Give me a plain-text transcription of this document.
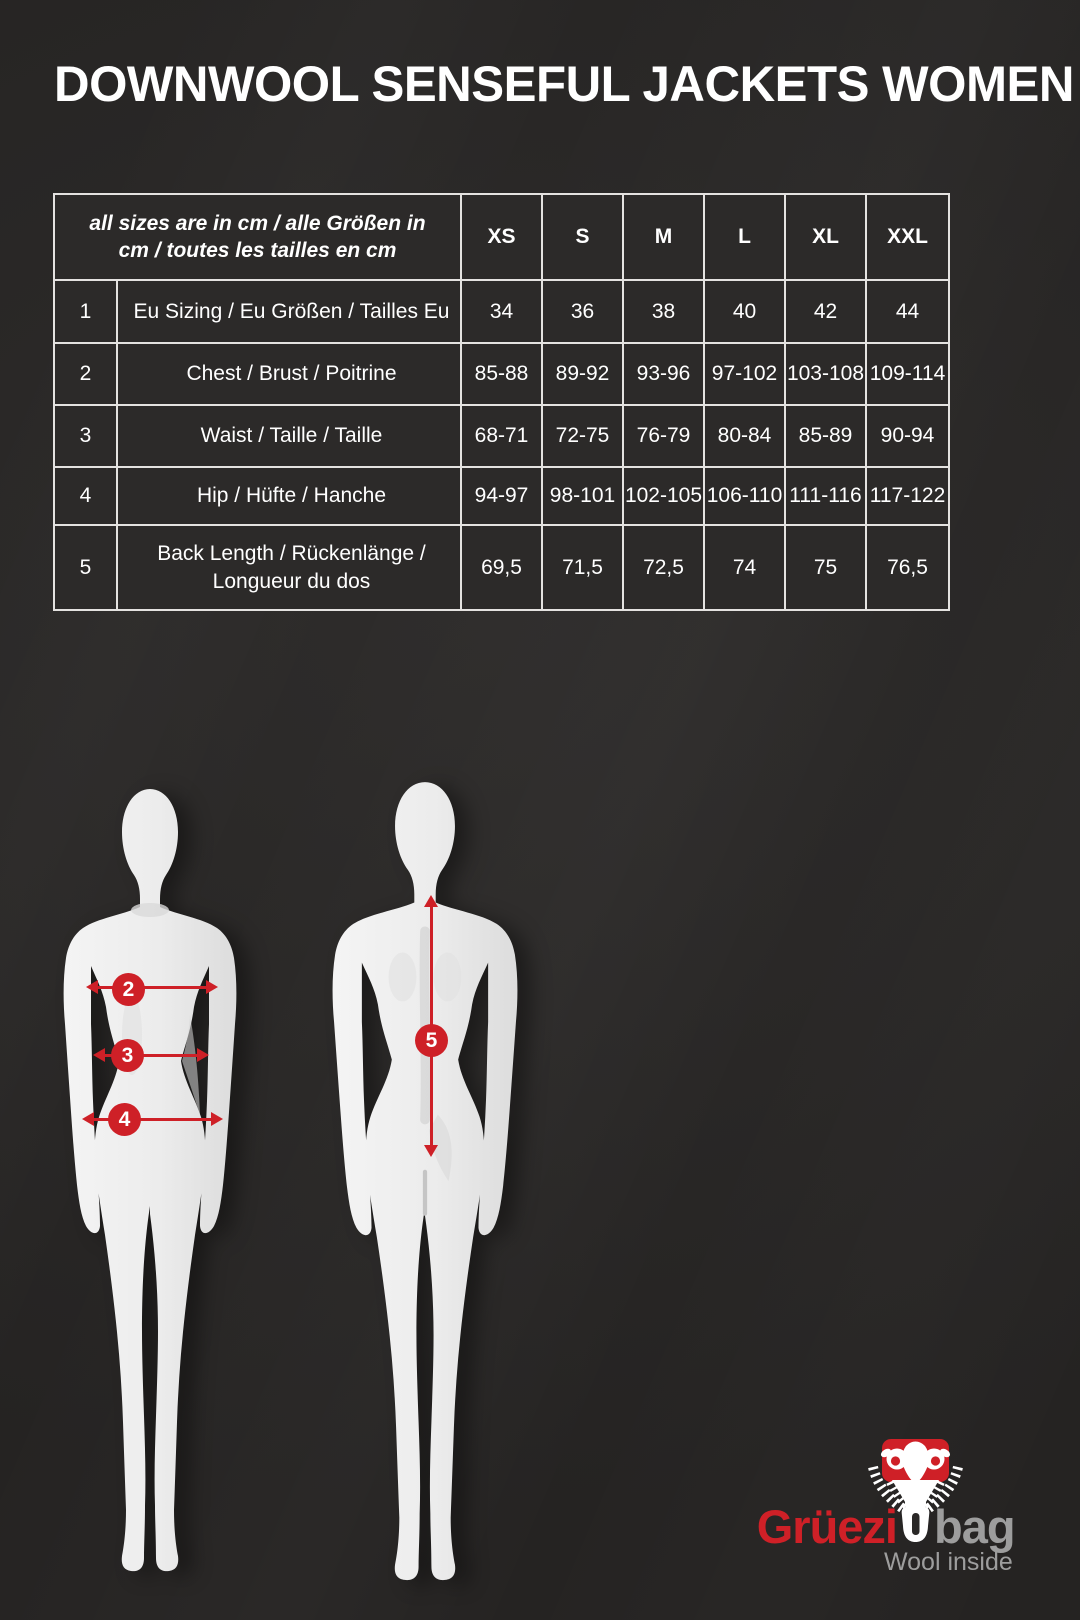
DOWNWOOL SENSEFUL JACKETS WOMEN
all sizes are in cm / alle Größen in cm / toutes les tailles en cm		XS	S	M	L	XL	XXL
1	Eu Sizing / Eu Größen / Tailles Eu	34	36	38	40	42	44
2	Chest / Brust / Poitrine	85-88	89-92	93-96	97-102	103-108	109-114
3	Waist / Taille / Taille	68-71	72-75	76-79	80-84	85-89	90-94
4	Hip / Hüfte / Hanche	94-97	98-101	102-105	106-110	111-116	117-122
5	Back Length / Rückenlänge / Longueur du dos	69,5	71,5	72,5	74	75	76,5
2
3
4
5
Grüezi bag
Wool inside
